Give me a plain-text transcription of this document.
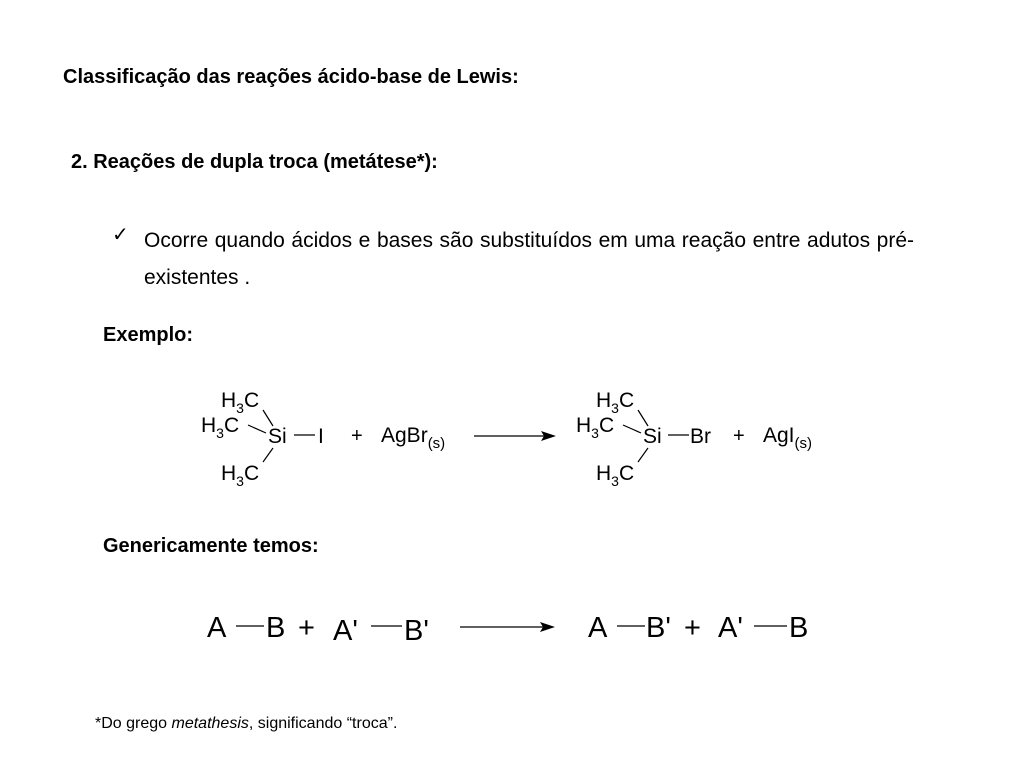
Classificação das reações ácido-base de Lewis:
2. Reações de dupla troca (metátese*):
✓ Ocorre quando ácidos e bases são substituídos em uma reação entre adutos pré-existentes .
Exemplo:
$H_3C$
$H_3C$
$H_3C$
Si I + AgBr$_{(s)}$
$H_3C$
$H_3C$
$H_3C$
Si Br + AgI$_{(s)}$
Genericamente temos:
A B + A' B'	A B' + A' B
*Do grego metathesis, significando “troca”.
